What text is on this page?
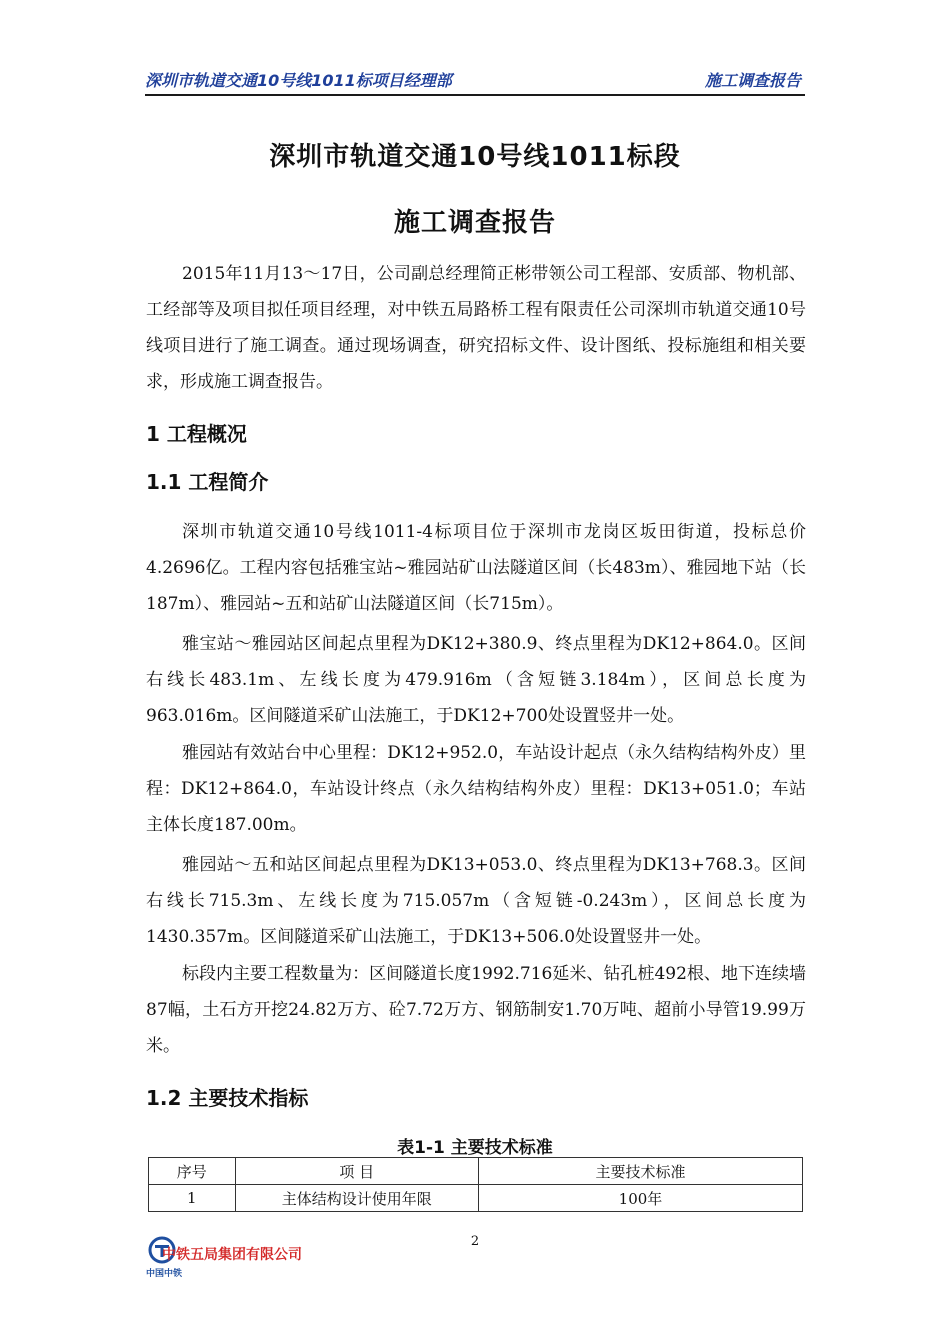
深圳市轨道交通10号线1011标项目经理部	施工调查报告
深圳市轨道交通10号线1011标段
施工调查报告

2015年11月13～17日，公司副总经理简正彬带领公司工程部、安质部、物机部、工经部等及项目拟任项目经理，对中铁五局路桥工程有限责任公司深圳市轨道交通10号线项目进行了施工调查。通过现场调查，研究招标文件、设计图纸、投标施组和相关要求，形成施工调查报告。

1 工程概况
1.1 工程简介

深圳市轨道交通10号线1011-4标项目位于深圳市龙岗区坂田街道，投标总价4.2696亿。工程内容包括雅宝站~雅园站矿山法隧道区间（长483m）、雅园地下站（长187m）、雅园站~五和站矿山法隧道区间（长715m）。

雅宝站～雅园站区间起点里程为DK12+380.9、终点里程为DK12+864.0。区间右线长483.1m、左线长度为479.916m（含短链3.184m），区间总长度为963.016m。区间隧道采矿山法施工，于DK12+700处设置竖井一处。

雅园站有效站台中心里程：DK12+952.0，车站设计起点（永久结构结构外皮）里程：DK12+864.0，车站设计终点（永久结构结构外皮）里程：DK13+051.0；车站主体长度187.00m。

雅园站～五和站区间起点里程为DK13+053.0、终点里程为DK13+768.3。区间右线长715.3m、左线长度为715.057m（含短链-0.243m），区间总长度为1430.357m。区间隧道采矿山法施工，于DK13+506.0处设置竖井一处。

标段内主要工程数量为：区间隧道长度1992.716延米、钻孔桩492根、地下连续墙87幅，土石方开挖24.82万方、砼7.72万方、钢筋制安1.70万吨、超前小导管19.99万米。

1.2 主要技术指标
表1-1 主要技术标准
序号	项 目	主要技术标准
1	主体结构设计使用年限	100年
2
中铁五局集团有限公司
中国中铁
